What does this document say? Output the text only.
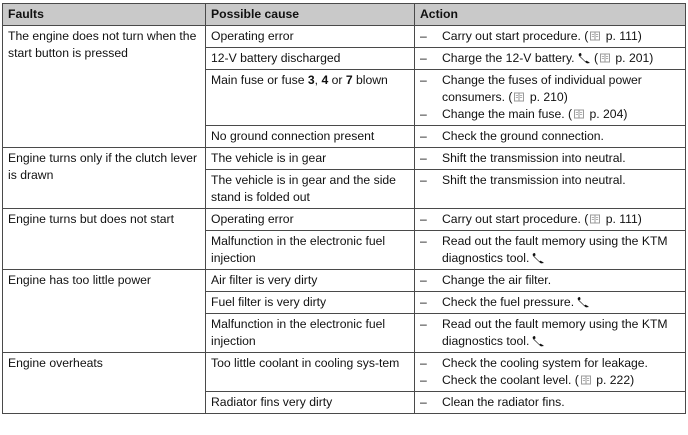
Faults	Possible cause	Action
The engine does not turn when the start button is pressed	Operating error	– Carry out start procedure. ( p. 111)

	12-V battery discharged	– Charge the 12-V battery. ( p. 201)

	Main fuse or fuse 3, 4 or 7 blown	– Change the fuses of individual power consumers. ( p. 210)
– Change the main fuse. ( p. 204)

	No ground connection present	– Check the ground connection.

Engine turns only if the clutch lever is drawn	The vehicle is in gear	– Shift the transmission into neutral.

	The vehicle is in gear and the side stand is folded out	– Shift the transmission into neutral.

Engine turns but does not start	Operating error	– Carry out start procedure. ( p. 111)

	Malfunction in the electronic fuel injection	– Read out the fault memory using the KTM diagnostics tool.

Engine has too little power	Air filter is very dirty	– Change the air filter.

	Fuel filter is very dirty	– Check the fuel pressure.

	Malfunction in the electronic fuel injection	– Read out the fault memory using the KTM diagnostics tool.

Engine overheats	Too little coolant in cooling sys-tem	– Check the cooling system for leakage.
– Check the coolant level. ( p. 222)

	Radiator fins very dirty	– Clean the radiator fins.
